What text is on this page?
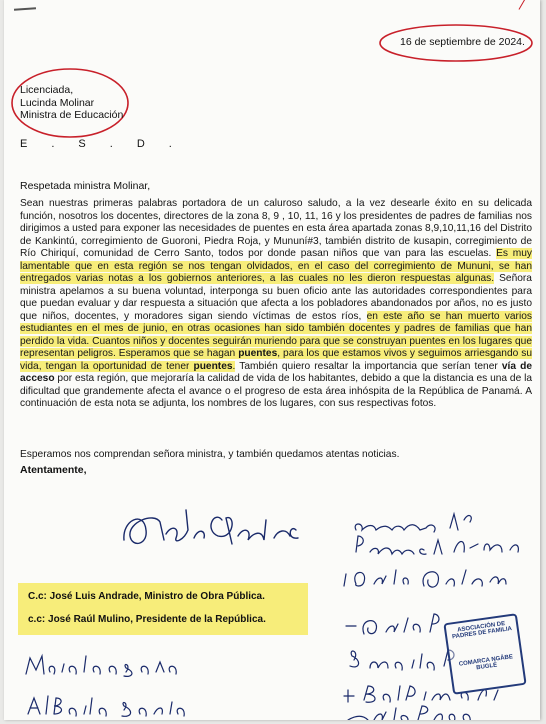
16 de septiembre de 2024.
Licenciada,
Lucinda Molinar
Ministra de Educación
E . S . D .
Respetada ministra Molinar,

Sean nuestras primeras palabras portadora de un caluroso saludo, a la vez desearle éxito en su delicada función, nosotros los docentes, directores de la zona 8, 9 , 10, 11, 16 y los presidentes de padres de familias nos dirigimos a usted para exponer las necesidades de puentes en esta área apartada zonas 8,9,10,11,16 del Distrito de Kankintú, corregimiento de Guoroni, Piedra Roja, y Mununí#3, también distrito de kusapin, corregimiento de Río Chiriquí, comunidad de Cerro Santo, todos por donde pasan niños que van para las escuelas. Es muy lamentable que en esta región se nos tengan olvidados, en el caso del corregimiento de Mununi, se han entregados varias notas a los gobiernos anteriores, a las cuales no les dieron respuestas algunas. Señora ministra apelamos a su buena voluntad, interponga su buen oficio ante las autoridades correspondientes para que puedan evaluar y dar respuesta a situación que afecta a los pobladores abandonados por años, no es justo que niños, docentes, y moradores sigan siendo víctimas de estos ríos, en este año se han muerto varios estudiantes en el mes de junio, en otras ocasiones han sido también docentes y padres de familias que han perdido la vida. Cuantos niños y docentes seguirán muriendo para que se construyan puentes en los lugares que representan peligros. Esperamos que se hagan puentes, para los que estamos vivos y seguimos arriesgando su vida, tengan la oportunidad de tener puentes. También quiero resaltar la importancia que serían tener vía de acceso por esta región, que mejoraría la calidad de vida de los habitantes, debido a que la distancia es una de la dificultad que grandemente afecta el avance o el progreso de esta área inhóspita de la República de Panamá. A continuación de esta nota se adjunta, los nombres de los lugares, con sus respectivas fotos.

Esperamos nos comprendan señora ministra, y también quedamos atentas noticias.
Atentamente,
ASOCIACIÓN DE PADRES DE FAMILIA
COMARCA NGÄBE BUGLÉ
C.c: José Luis Andrade, Ministro de Obra Pública.
c.c: José Raúl Mulino, Presidente de la República.
